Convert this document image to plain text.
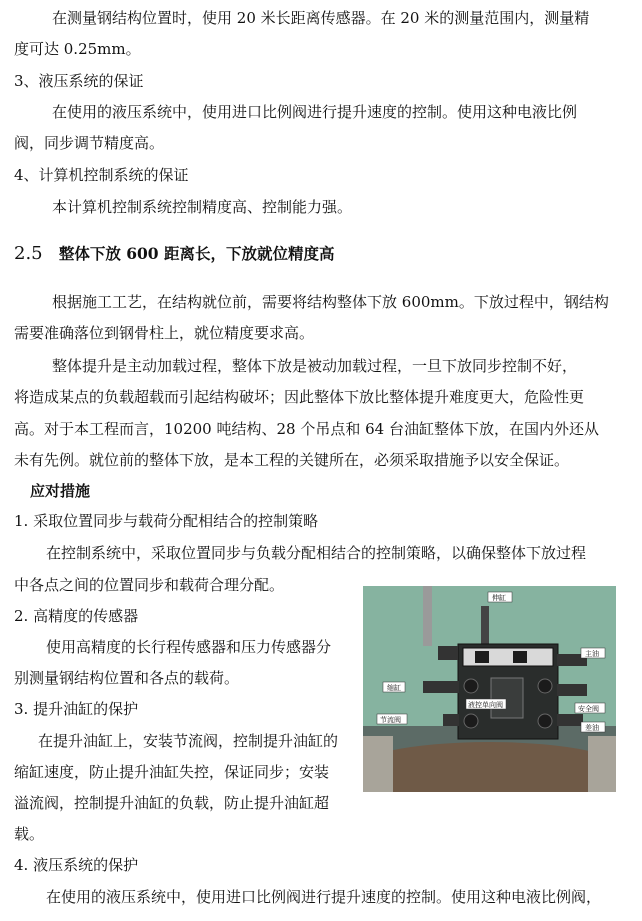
在测量钢结构位置时，使用 20 米长距离传感器。在 20 米的测量范围内，测量精
度可达 0.25mm。
3、液压系统的保证
在使用的液压系统中，使用进口比例阀进行提升速度的控制。使用这种电液比例
阀，同步调节精度高。
4、计算机控制系统的保证
本计算机控制系统控制精度高、控制能力强。
2.5 整体下放 600 距离长，下放就位精度高
根据施工工艺，在结构就位前，需要将结构整体下放 600mm。下放过程中，钢结构
需要准确落位到钢骨柱上，就位精度要求高。
整体提升是主动加载过程，整体下放是被动加载过程，一旦下放同步控制不好，
将造成某点的负载超载而引起结构破坏；因此整体下放比整体提升难度更大，危险性更
高。对于本工程而言，10200 吨结构、28 个吊点和 64 台油缸整体下放，在国内外还从
未有先例。就位前的整体下放，是本工程的关键所在，必须采取措施予以安全保证。
应对措施
1. 采取位置同步与载荷分配相结合的控制策略
在控制系统中，采取位置同步与负载分配相结合的控制策略，以确保整体下放过程
中各点之间的位置同步和载荷合理分配。
2. 高精度的传感器
使用高精度的长行程传感器和压力传感器分
别测量钢结构位置和各点的载荷。
3. 提升油缸的保护
在提升油缸上，安装节流阀，控制提升油缸的
缩缸速度，防止提升油缸失控，保证同步；安装
溢流阀，控制提升油缸的负载，防止提升油缸超
载。
4. 液压系统的保护
在使用的液压系统中，使用进口比例阀进行提升速度的控制。使用这种电液比例阀，
伸缸
缩缸
节流阀
液控单向阀
主油
安全阀
差油
